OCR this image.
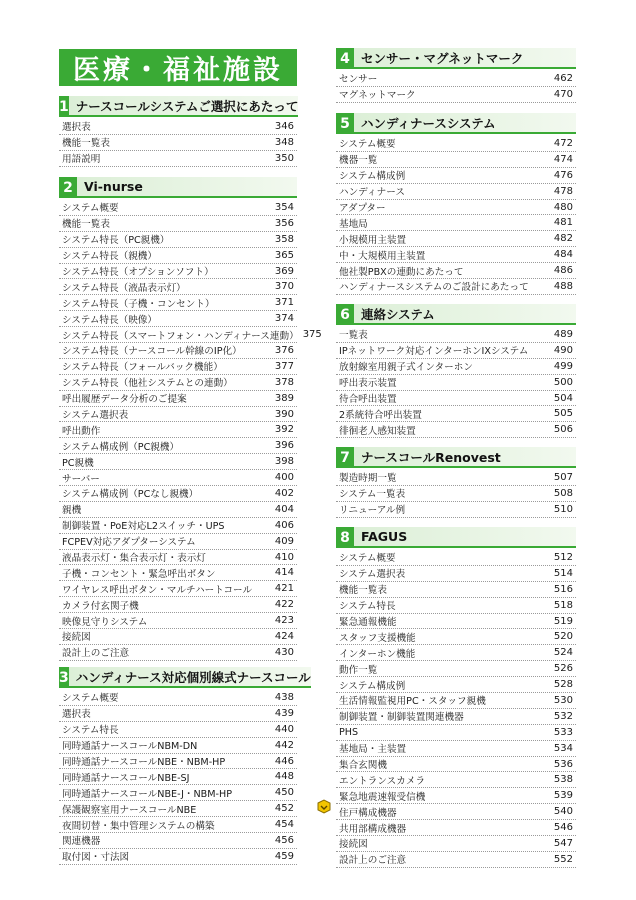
医療・福祉施設
1 ナースコールシステムご選択にあたって
選択表	346
機能一覧表	348
用語説明	350
2 Vi-nurse
システム概要	354
機能一覧表	356
システム特長（PC親機）	358
システム特長（親機）	365
システム特長（オプションソフト）	369
システム特長（液晶表示灯）	370
システム特長（子機・コンセント）	371
システム特長（映像）	374
システム特長（スマートフォン・ハンディナース連動） 375
システム特長（ナースコール幹線のIP化）	376
システム特長（フォールバック機能）	377
システム特長（他社システムとの連動）	378
呼出履歴データ分析のご提案	389
システム選択表	390
呼出動作	392
システム構成例（PC親機）	396
PC親機	398
サーバー	400
システム構成例（PCなし親機）	402
親機	404
制御装置・PoE対応L2スイッチ・UPS	406
FCPEV対応アダプターシステム	409
液晶表示灯・集合表示灯・表示灯	410
子機・コンセント・緊急呼出ボタン	414
ワイヤレス呼出ボタン・マルチハートコール	421
カメラ付玄関子機	422
映像見守りシステム	423
接続図	424
設計上のご注意	430
3 ハンディナース対応個別線式ナースコール
システム概要	438
選択表	439
システム特長	440
同時通話ナースコールNBM-DN	442
同時通話ナースコールNBE・NBM-HP	446
同時通話ナースコールNBE-SJ	448
同時通話ナースコールNBE-J・NBM-HP	450
保護観察室用ナースコールNBE	452
夜間切替・集中管理システムの構築	454
関連機器	456
取付図・寸法図	459
4 センサー・マグネットマーク
センサー	462
マグネットマーク	470
5 ハンディナースシステム
システム概要	472
機器一覧	474
システム構成例	476
ハンディナース	478
アダプター	480
基地局	481
小規模用主装置	482
中・大規模用主装置	484
他社製PBXの連動にあたって	486
ハンディナースシステムのご設計にあたって	488
6 連絡システム
一覧表	489
IPネットワーク対応インターホンIXシステム	490
放射線室用親子式インターホン	499
呼出表示装置	500
待合呼出装置	504
2系統待合呼出装置	505
徘徊老人感知装置	506
7 ナースコールRenovest
製造時期一覧	507
システム一覧表	508
リニューアル例	510
8 FAGUS
システム概要	512
システム選択表	514
機能一覧表	516
システム特長	518
緊急通報機能	519
スタッフ支援機能	520
インターホン機能	524
動作一覧	526
システム構成例	528
生活情報監視用PC・スタッフ親機	530
制御装置・制御装置関連機器	532
PHS	533
基地局・主装置	534
集合玄関機	536
エントランスカメラ	538
緊急地震速報受信機	539
住戸構成機器	540
共用部構成機器	546
接続図	547
設計上のご注意	552
